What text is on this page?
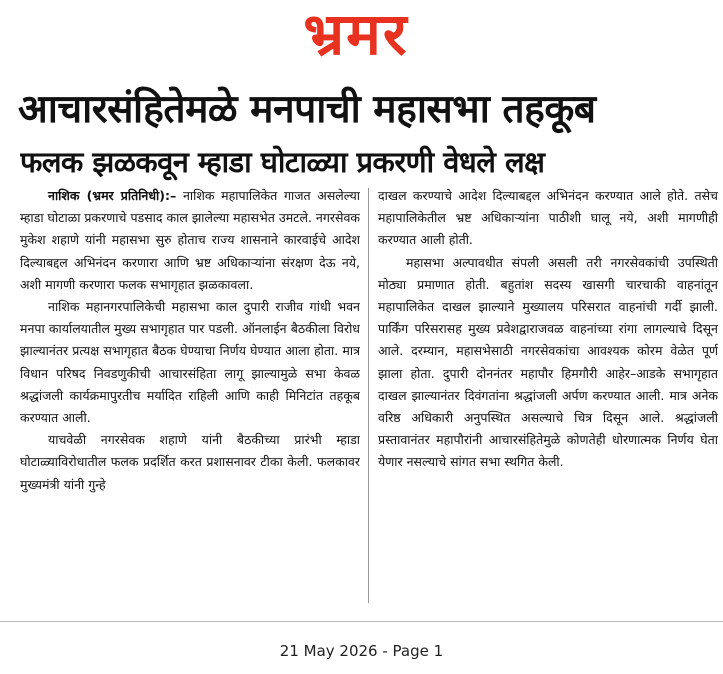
भ्रमर
आचारसंहितेमळे मनपाची महासभा तहकूब
फलक झळकवून म्हाडा घोटाळ्या प्रकरणी वेधले लक्ष

नाशिक (भ्रमर प्रतिनिधी):– नाशिक महापालिकेत गाजत असलेल्या म्हाडा घोटाळा प्रकरणाचे पडसाद काल झालेल्या महासभेत उमटले. नगरसेवक मुकेश शहाणे यांनी महासभा सुरु होताच राज्य शासनाने कारवाईचे आदेश दिल्याबद्दल अभिनंदन करणारा आणि भ्रष्ट अधिकाऱ्यांना संरक्षण देऊ नये, अशी मागणी करणारा फलक सभागृहात झळकावला.

नाशिक महानगरपालिकेची महासभा काल दुपारी राजीव गांधी भवन मनपा कार्यालयातील मुख्य सभागृहात पार पडली. ऑनलाईन बैठकीला विरोध झाल्यानंतर प्रत्यक्ष सभागृहात बैठक घेण्याचा निर्णय घेण्यात आला होता. मात्र विधान परिषद निवडणुकीची आचारसंहिता लागू झाल्यामुळे सभा केवळ श्रद्धांजली कार्यक्रमापुरतीच मर्यादित राहिली आणि काही मिनिटांत तहकूब करण्यात आली.

याचवेळी नगरसेवक शहाणे यांनी बैठकीच्या प्रारंभी म्हाडा घोटाळ्याविरोधातील फलक प्रदर्शित करत प्रशासनावर टीका केली. फलकावर मुख्यमंत्री यांनी गुन्हे

दाखल करण्याचे आदेश दिल्याबद्दल अभिनंदन करण्यात आले होते. तसेच महापालिकेतील भ्रष्ट अधिकाऱ्यांना पाठीशी घालू नये, अशी मागणीही करण्यात आली होती.

महासभा अल्पावधीत संपली असली तरी नगरसेवकांची उपस्थिती मोठ्या प्रमाणात होती. बहुतांश सदस्य खासगी चारचाकी वाहनांतून महापालिकेत दाखल झाल्याने मुख्यालय परिसरात वाहनांची गर्दी झाली. पार्किंग परिसरासह मुख्य प्रवेशद्वाराजवळ वाहनांच्या रांगा लागल्याचे दिसून आले. दरम्यान, महासभेसाठी नगरसेवकांचा आवश्यक कोरम वेळेत पूर्ण झाला होता. दुपारी दोननंतर महापौर हिमगौरी आहेर–आडके सभागृहात दाखल झाल्यानंतर दिवंगतांना श्रद्धांजली अर्पण करण्यात आली. मात्र अनेक वरिष्ठ अधिकारी अनुपस्थित असल्याचे चित्र दिसून आले. श्रद्धांजली प्रस्तावानंतर महापौरांनी आचारसंहितेमुळे कोणतेही धोरणात्मक निर्णय घेता येणार नसल्याचे सांगत सभा स्थगित केली.

21 May 2026 - Page 1
